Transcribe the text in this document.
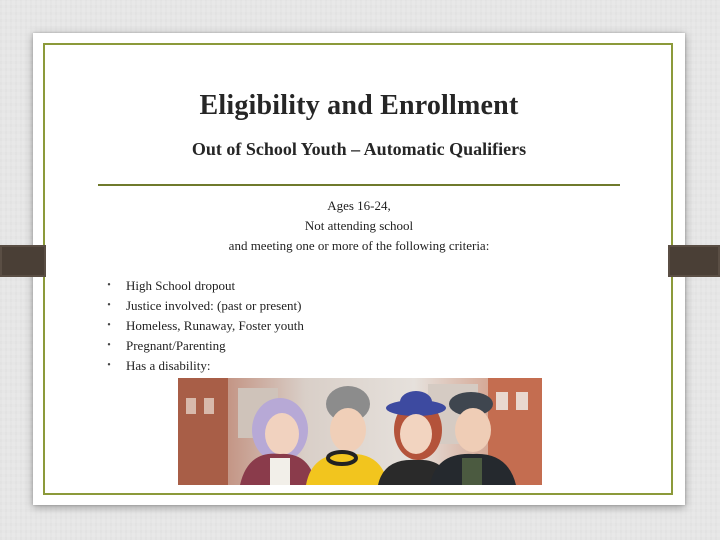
Eligibility and Enrollment
Out of School Youth – Automatic Qualifiers
Ages 16-24,
Not attending school
and meeting one or more of the following criteria:
• High School dropout
• Justice involved: (past or present)
• Homeless, Runaway, Foster youth
• Pregnant/Parenting
• Has a disability:
